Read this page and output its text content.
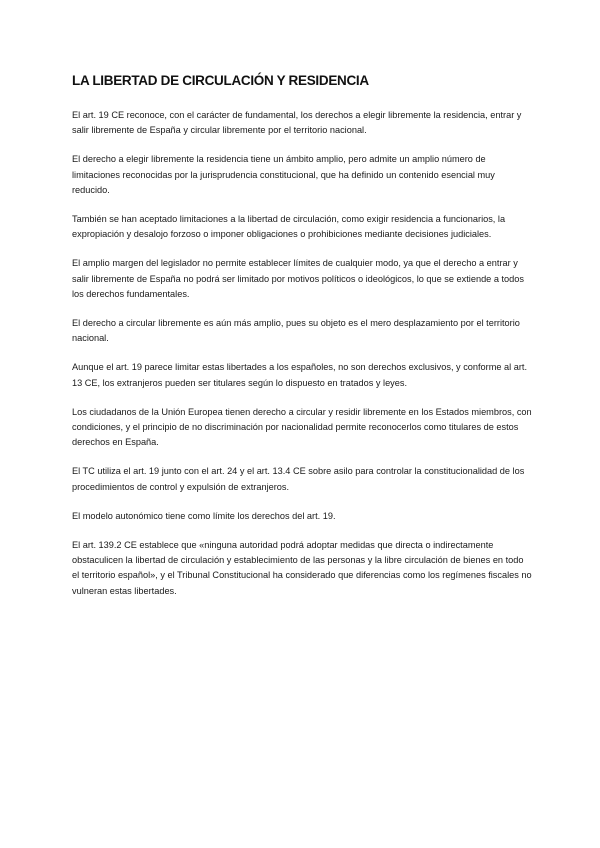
LA LIBERTAD DE CIRCULACIÓN Y RESIDENCIA

El art. 19 CE reconoce, con el carácter de fundamental, los derechos a elegir libremente la residencia, entrar y salir libremente de España y circular libremente por el territorio nacional.

El derecho a elegir libremente la residencia tiene un ámbito amplio, pero admite un amplio número de limitaciones reconocidas por la jurisprudencia constitucional, que ha definido un contenido esencial muy reducido.

También se han aceptado limitaciones a la libertad de circulación, como exigir residencia a funcionarios, la expropiación y desalojo forzoso o imponer obligaciones o prohibiciones mediante decisiones judiciales.

El amplio margen del legislador no permite establecer límites de cualquier modo, ya que el derecho a entrar y salir libremente de España no podrá ser limitado por motivos políticos o ideológicos, lo que se extiende a todos los derechos fundamentales.

El derecho a circular libremente es aún más amplio, pues su objeto es el mero desplazamiento por el territorio nacional.

Aunque el art. 19 parece limitar estas libertades a los españoles, no son derechos exclusivos, y conforme al art. 13 CE, los extranjeros pueden ser titulares según lo dispuesto en tratados y leyes.

Los ciudadanos de la Unión Europea tienen derecho a circular y residir libremente en los Estados miembros, con condiciones, y el principio de no discriminación por nacionalidad permite reconocerlos como titulares de estos derechos en España.

El TC utiliza el art. 19 junto con el art. 24 y el art. 13.4 CE sobre asilo para controlar la constitucionalidad de los procedimientos de control y expulsión de extranjeros.

El modelo autonómico tiene como límite los derechos del art. 19.

El art. 139.2 CE establece que «ninguna autoridad podrá adoptar medidas que directa o indirectamente obstaculicen la libertad de circulación y establecimiento de las personas y la libre circulación de bienes en todo el territorio español», y el Tribunal Constitucional ha considerado que diferencias como los regímenes fiscales no vulneran estas libertades.
